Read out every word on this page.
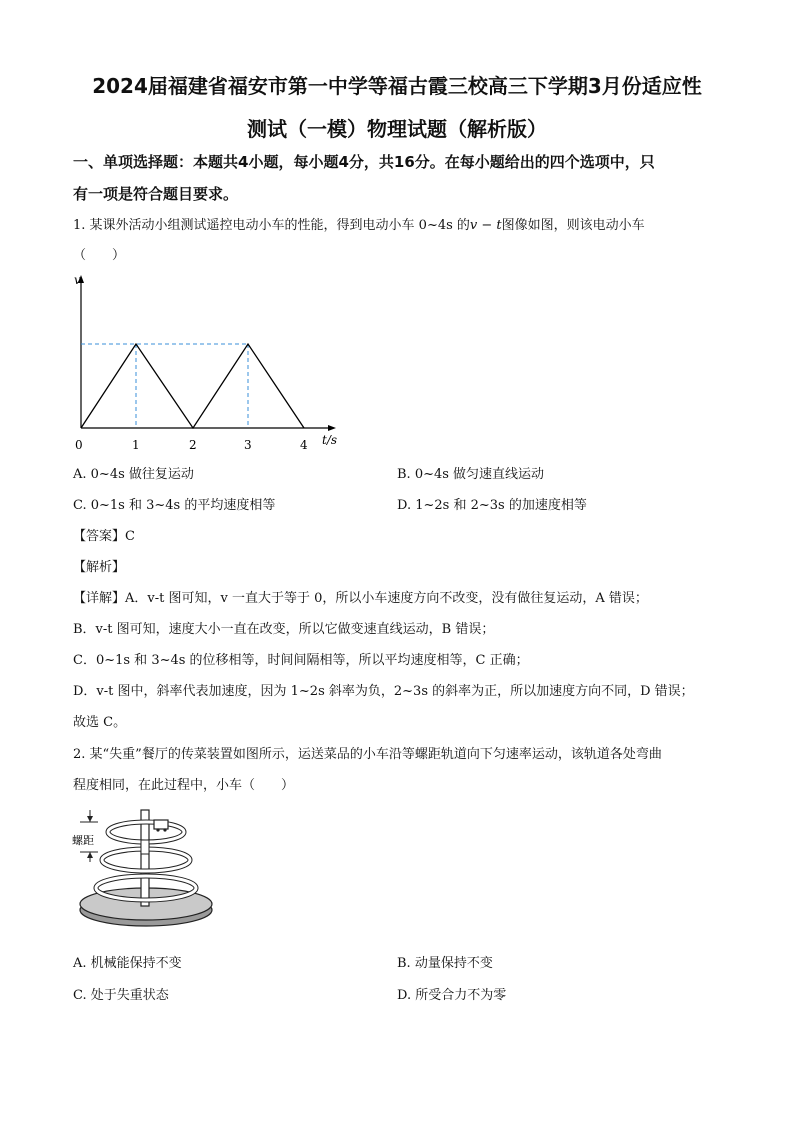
2024届福建省福安市第一中学等福古霞三校高三下学期3月份适应性
测试（一模）物理试题（解析版）
一、单项选择题：本题共4小题，每小题4分，共16分。在每小题给出的四个选项中，只
有一项是符合题目要求。
1. 某课外活动小组测试遥控电动小车的性能，得到电动小车 0~4s 的v − t图像如图，则该电动小车
（　　）
v
t/s
0	1	2	3	4
A. 0~4s 做往复运动	B. 0~4s 做匀速直线运动
C. 0~1s 和 3~4s 的平均速度相等	D. 1~2s 和 2~3s 的加速度相等
【答案】C
【解析】
【详解】A．v-t 图可知，v 一直大于等于 0，所以小车速度方向不改变，没有做往复运动，A 错误；
B．v-t 图可知，速度大小一直在改变，所以它做变速直线运动，B 错误；
C．0~1s 和 3~4s 的位移相等，时间间隔相等，所以平均速度相等，C 正确；
D．v-t 图中，斜率代表加速度，因为 1~2s 斜率为负，2~3s 的斜率为正，所以加速度方向不同，D 错误；
故选 C。
2. 某“失重”餐厅的传菜装置如图所示，运送菜品的小车沿等螺距轨道向下匀速率运动，该轨道各处弯曲
程度相同，在此过程中，小车（　　）
螺距
A. 机械能保持不变	B. 动量保持不变
C. 处于失重状态	D. 所受合力不为零
